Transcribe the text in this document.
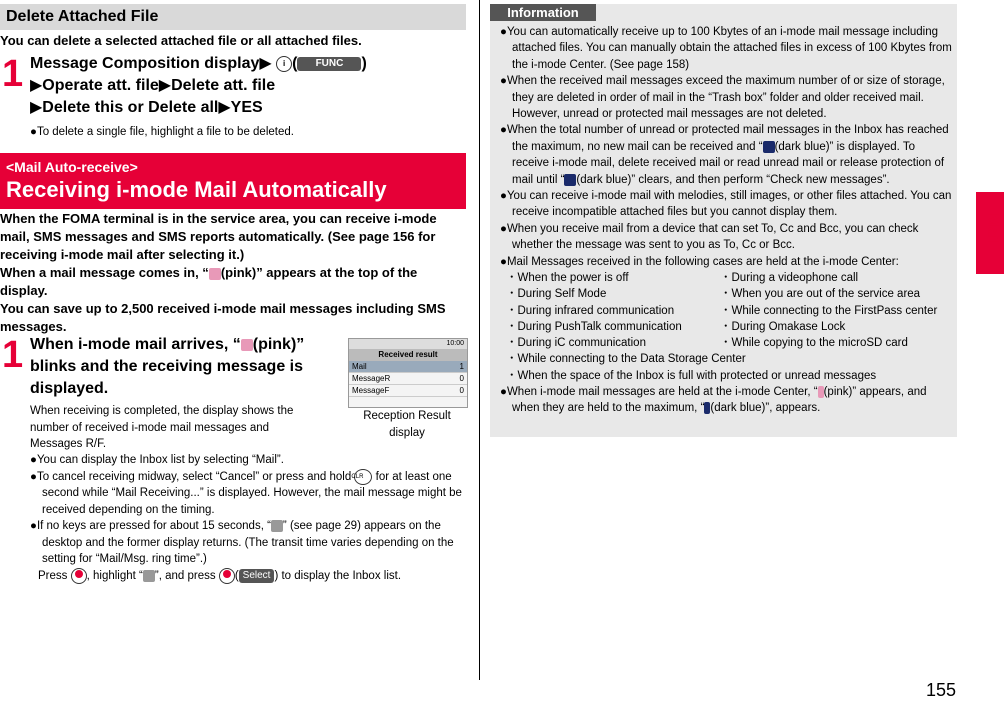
Delete Attached File
You can delete a selected attached file or all attached files.
1 Message Composition display▶ i ( FUNC )
▶Operate att. file▶Delete att. file
▶Delete this or Delete all▶YES
●To delete a single file, highlight a file to be deleted.
<Mail Auto-receive>
Receiving i-mode Mail Automatically
When the FOMA terminal is in the service area, you can receive i-mode mail, SMS messages and SMS reports automatically. (See page 156 for receiving i-mode mail after selecting it.)
When a mail message comes in, “ (pink)” appears at the top of the display.
You can save up to 2,500 received i-mode mail messages including SMS messages.
1 When i-mode mail arrives, “ (pink)” blinks and the receiving message is displayed.
When receiving is completed, the display shows the number of received i-mode mail messages and Messages R/F.
10:00
Received result
Mail	1
MessageR	0
MessageF	0
Reception Result display
●You can display the Inbox list by selecting “Mail”.
●To cancel receiving midway, select “Cancel” or press and hold CLR for at least one second while “Mail Receiving...” is displayed. However, the mail message might be received depending on the timing.
●If no keys are pressed for about 15 seconds, “ ” (see page 29) appears on the desktop and the former display returns. (The transit time varies depending on the setting for “Mail/Msg. ring time”.)
Press , highlight “ ”, and press ( Select ) to display the Inbox list.
Information
●You can automatically receive up to 100 Kbytes of an i-mode mail message including attached files. You can manually obtain the attached files in excess of 100 Kbytes from the i-mode Center. (See page 158)
●When the received mail messages exceed the maximum number of or size of storage, they are deleted in order of mail in the “Trash box” folder and older received mail. However, unread or protected mail messages are not deleted.
●When the total number of unread or protected mail messages in the Inbox has reached the maximum, no new mail can be received and “ (dark blue)” is displayed. To receive i-mode mail, delete received mail or read unread mail or release protection of mail until “ (dark blue)” clears, and then perform “Check new messages”.
●You can receive i-mode mail with melodies, still images, or other files attached. You can receive incompatible attached files but you cannot display them.
●When you receive mail from a device that can set To, Cc and Bcc, you can check whether the message was sent to you as To, Cc or Bcc.
●Mail Messages received in the following cases are held at the i-mode Center:
・When the power is off	・During a videophone call
・During Self Mode	・When you are out of the service area
・During infrared communication	・While connecting to the FirstPass center
・During PushTalk communication	・During Omakase Lock
・During iC communication	・While copying to the microSD card
・While connecting to the Data Storage Center
・When the space of the Inbox is full with protected or unread messages
●When i-mode mail messages are held at the i-mode Center, “ (pink)” appears, and when they are held to the maximum, “ (dark blue)”, appears.
Mail
155
